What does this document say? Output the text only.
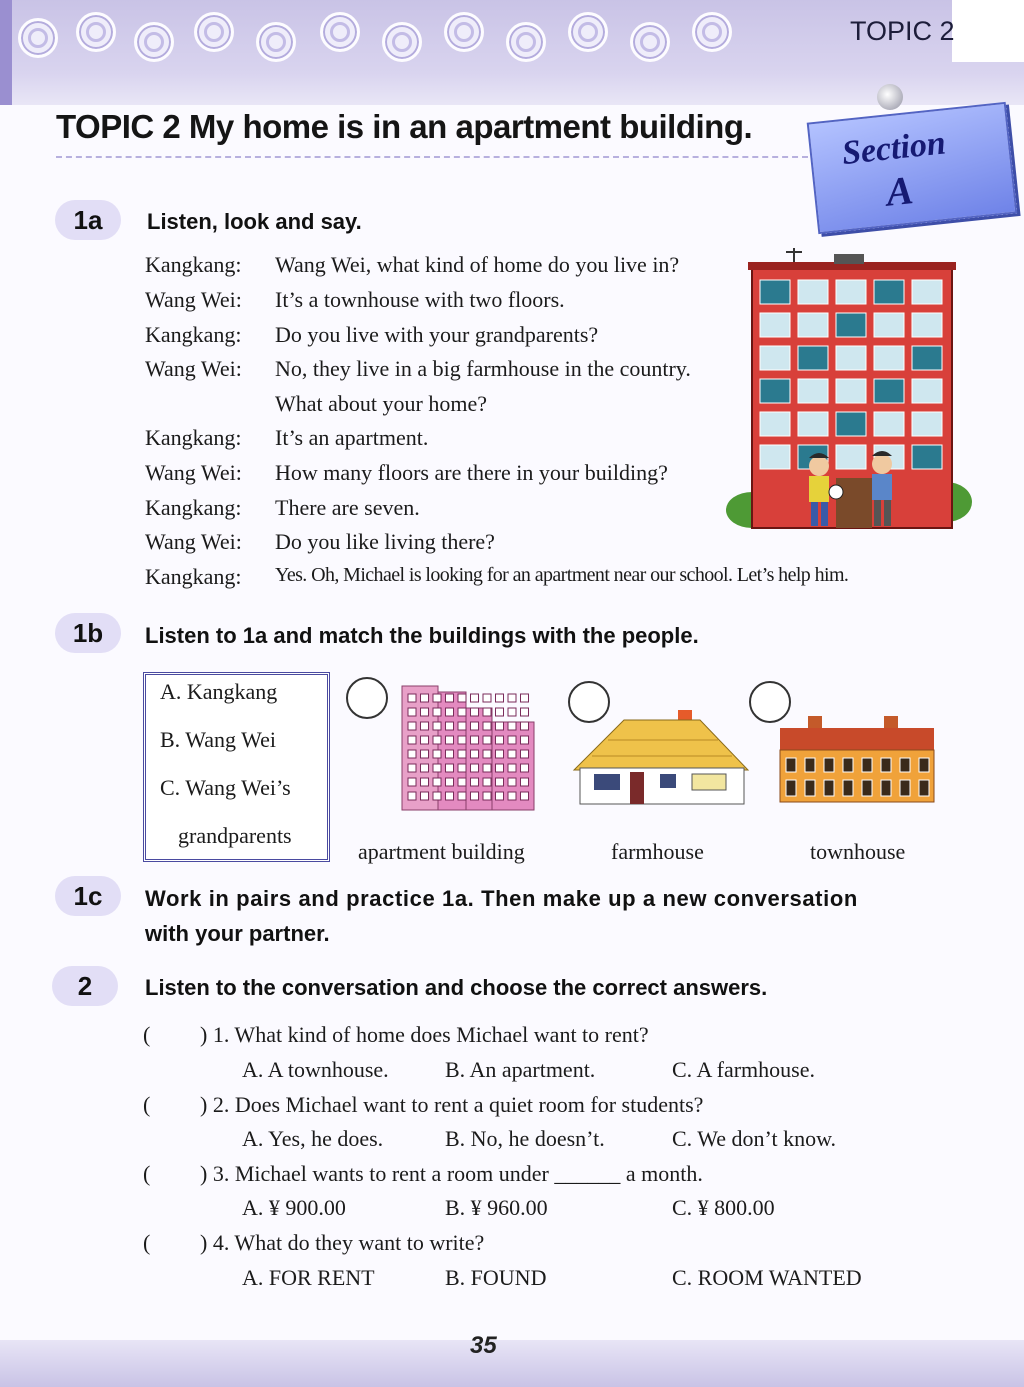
TOPIC 2
TOPIC 2 My home is in an apartment building.	Section
A
1a	Listen, look and say.
Kangkang: Wang Wei, what kind of home do you live in?
Wang Wei: It’s a townhouse with two floors.
Kangkang: Do you live with your grandparents?
Wang Wei: No, they live in a big farmhouse in the country.
What about your home?
Kangkang: It’s an apartment.
Wang Wei: How many floors are there in your building?
Kangkang: There are seven.
Wang Wei: Do you like living there?
Kangkang: Yes. Oh, Michael is looking for an apartment near our school. Let’s help him.
1b	Listen to 1a and match the buildings with the people.
A. Kangkang
B. Wang Wei
C. Wang Wei’s
grandparents
apartment building	farmhouse	townhouse
1c	Work in pairs and practice 1a. Then make up a new conversation
with your partner.
2	Listen to the conversation and choose the correct answers.
( ) 1. What kind of home does Michael want to rent?
A. A townhouse.	B. An apartment.	C. A farmhouse.
( ) 2. Does Michael want to rent a quiet room for students?
A. Yes, he does.	B. No, he doesn’t.	C. We don’t know.
( ) 3. Michael wants to rent a room under ______ a month.
A. ¥ 900.00	B. ¥ 960.00	C. ¥ 800.00
( ) 4. What do they want to write?
A. FOR RENT	B. FOUND	C. ROOM WANTED
35
